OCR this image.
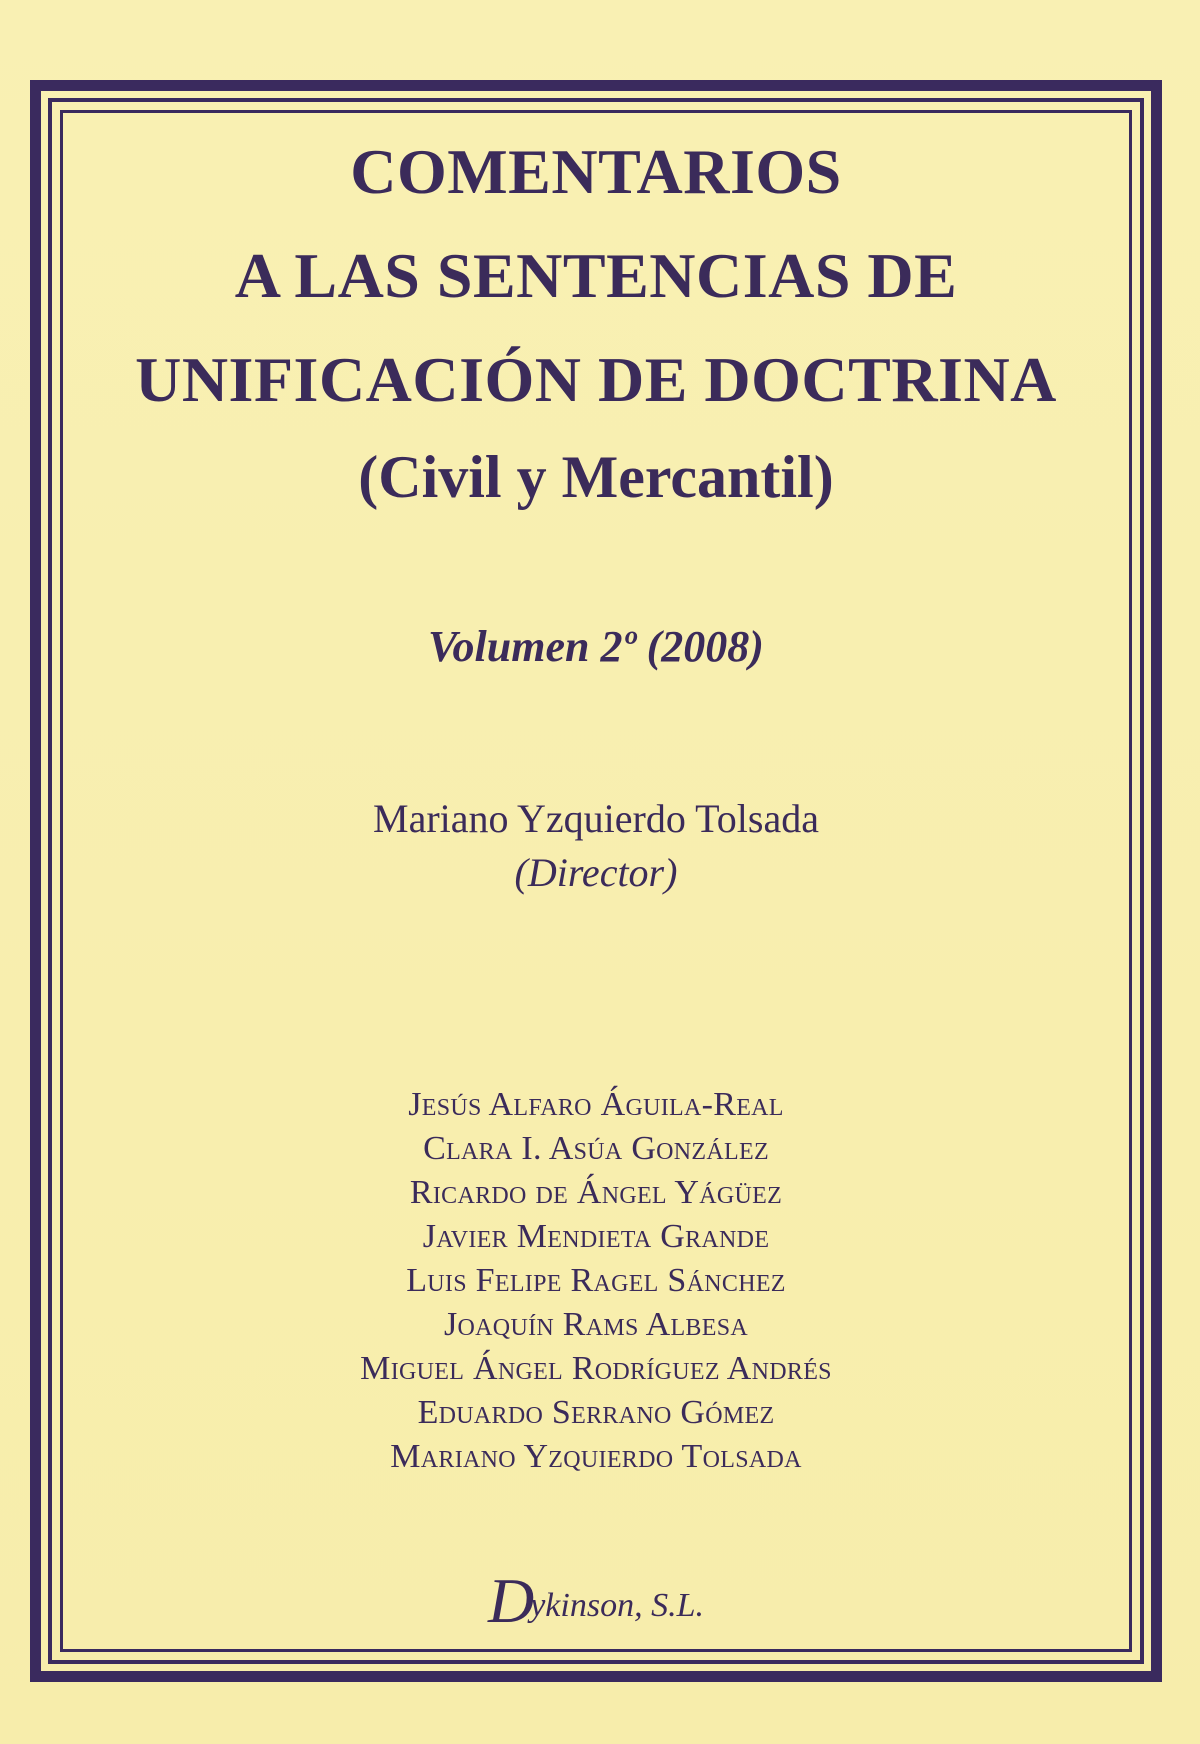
COMENTARIOS
A LAS SENTENCIAS DE
UNIFICACIÓN DE DOCTRINA
(Civil y Mercantil)
Volumen 2º (2008)
Mariano Yzquierdo Tolsada
(Director)
Jesús Alfaro Águila-Real
Clara I. Asúa González
Ricardo de Ángel Yágüez
Javier Mendieta Grande
Luis Felipe Ragel Sánchez
Joaquín Rams Albesa
Miguel Ángel Rodríguez Andrés
Eduardo Serrano Gómez
Mariano Yzquierdo Tolsada
Dykinson, S.L.
